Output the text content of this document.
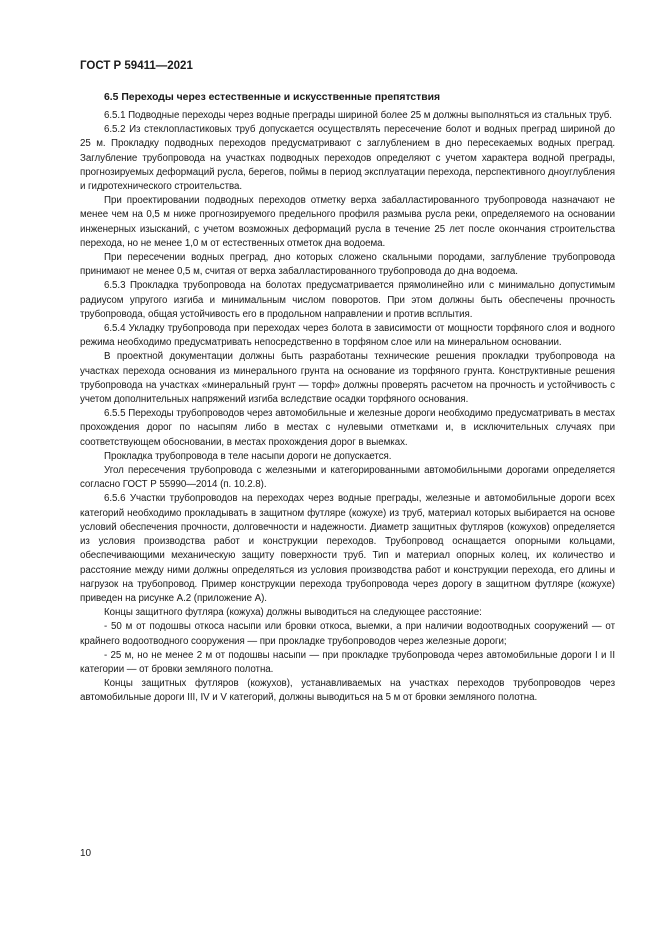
ГОСТ Р 59411—2021
6.5 Переходы через естественные и искусственные препятствия

6.5.1 Подводные переходы через водные преграды шириной более 25 м должны выполняться из стальных труб.

6.5.2 Из стеклопластиковых труб допускается осуществлять пересечение болот и водных преград шириной до 25 м. Прокладку подводных переходов предусматривают с заглублением в дно пересекаемых водных преград. Заглубление трубопровода на участках подводных переходов определяют с учетом характера водной преграды, прогнозируемых деформаций русла, берегов, поймы в период эксплуатации перехода, перспективного дноуглубления и гидротехнического строительства.

При проектировании подводных переходов отметку верха забалластированного трубопровода назначают не менее чем на 0,5 м ниже прогнозируемого предельного профиля размыва русла реки, определяемого на основании инженерных изысканий, с учетом возможных деформаций русла в течение 25 лет после окончания строительства перехода, но не менее 1,0 м от естественных отметок дна водоема.

При пересечении водных преград, дно которых сложено скальными породами, заглубление трубопровода принимают не менее 0,5 м, считая от верха забалластированного трубопровода до дна водоема.

6.5.3 Прокладка трубопровода на болотах предусматривается прямолинейно или с минимально допустимым радиусом упругого изгиба и минимальным числом поворотов. При этом должны быть обеспечены прочность трубопровода, общая устойчивость его в продольном направлении и против всплытия.

6.5.4 Укладку трубопровода при переходах через болота в зависимости от мощности торфяного слоя и водного режима необходимо предусматривать непосредственно в торфяном слое или на минеральном основании.

В проектной документации должны быть разработаны технические решения прокладки трубопровода на участках перехода основания из минерального грунта на основание из торфяного грунта. Конструктивные решения трубопровода на участках «минеральный грунт — торф» должны проверять расчетом на прочность и устойчивость с учетом дополнительных напряжений изгиба вследствие осадки торфяного основания.

6.5.5 Переходы трубопроводов через автомобильные и железные дороги необходимо предусматривать в местах прохождения дорог по насыпям либо в местах с нулевыми отметками и, в исключительных случаях при соответствующем обосновании, в местах прохождения дорог в выемках.

Прокладка трубопровода в теле насыпи дороги не допускается.

Угол пересечения трубопровода с железными и категорированными автомобильными дорогами определяется согласно ГОСТ Р 55990—2014 (п. 10.2.8).

6.5.6 Участки трубопроводов на переходах через водные преграды, железные и автомобильные дороги всех категорий необходимо прокладывать в защитном футляре (кожухе) из труб, материал которых выбирается на основе условий обеспечения прочности, долговечности и надежности. Диаметр защитных футляров (кожухов) определяется из условия производства работ и конструкции переходов. Трубопровод оснащается опорными кольцами, обеспечивающими механическую защиту поверхности труб. Тип и материал опорных колец, их количество и расстояние между ними должны определяться из условия производства работ и конструкции перехода, его длины и нагрузок на трубопровод. Пример конструкции перехода трубопровода через дорогу в защитном футляре (кожухе) приведен на рисунке А.2 (приложение А).

Концы защитного футляра (кожуха) должны выводиться на следующее расстояние:

- 50 м от подошвы откоса насыпи или бровки откоса, выемки, а при наличии водоотводных сооружений — от крайнего водоотводного сооружения — при прокладке трубопроводов через железные дороги;

- 25 м, но не менее 2 м от подошвы насыпи — при прокладке трубопровода через автомобильные дороги I и II категории — от бровки земляного полотна.

Концы защитных футляров (кожухов), устанавливаемых на участках переходов трубопроводов через автомобильные дороги III, IV и V категорий, должны выводиться на 5 м от бровки земляного полотна.

10
